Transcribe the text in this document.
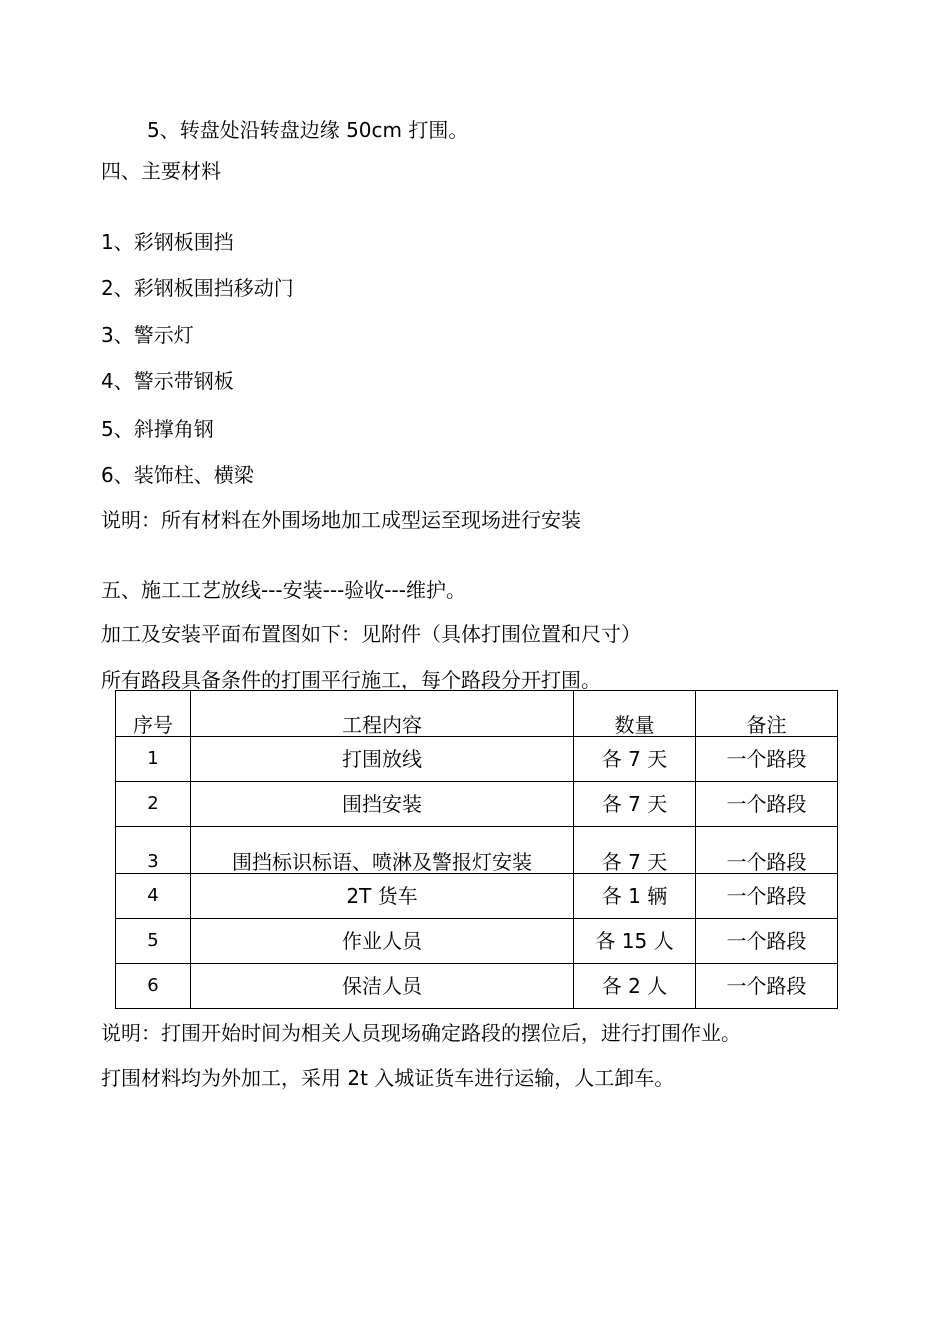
5、转盘处沿转盘边缘 50cm 打围。
四、主要材料
1、彩钢板围挡
2、彩钢板围挡移动门
3、警示灯
4、警示带钢板
5、斜撑角钢
6、装饰柱、横梁
说明：所有材料在外围场地加工成型运至现场进行安装
五、施工工艺放线---安装---验收---维护。
加工及安装平面布置图如下：见附件（具体打围位置和尺寸）
所有路段具备条件的打围平行施工，每个路段分开打围。
序号	工程内容	数量	备注
1	打围放线	各 7 天	一个路段
2	围挡安装	各 7 天	一个路段
3	围挡标识标语、喷淋及警报灯安装	各 7 天	一个路段
4	2T 货车	各 1 辆	一个路段
5	作业人员	各 15 人	一个路段
6	保洁人员	各 2 人	一个路段
说明：打围开始时间为相关人员现场确定路段的摆位后，进行打围作业。
打围材料均为外加工，采用 2t 入城证货车进行运输，人工卸车。
